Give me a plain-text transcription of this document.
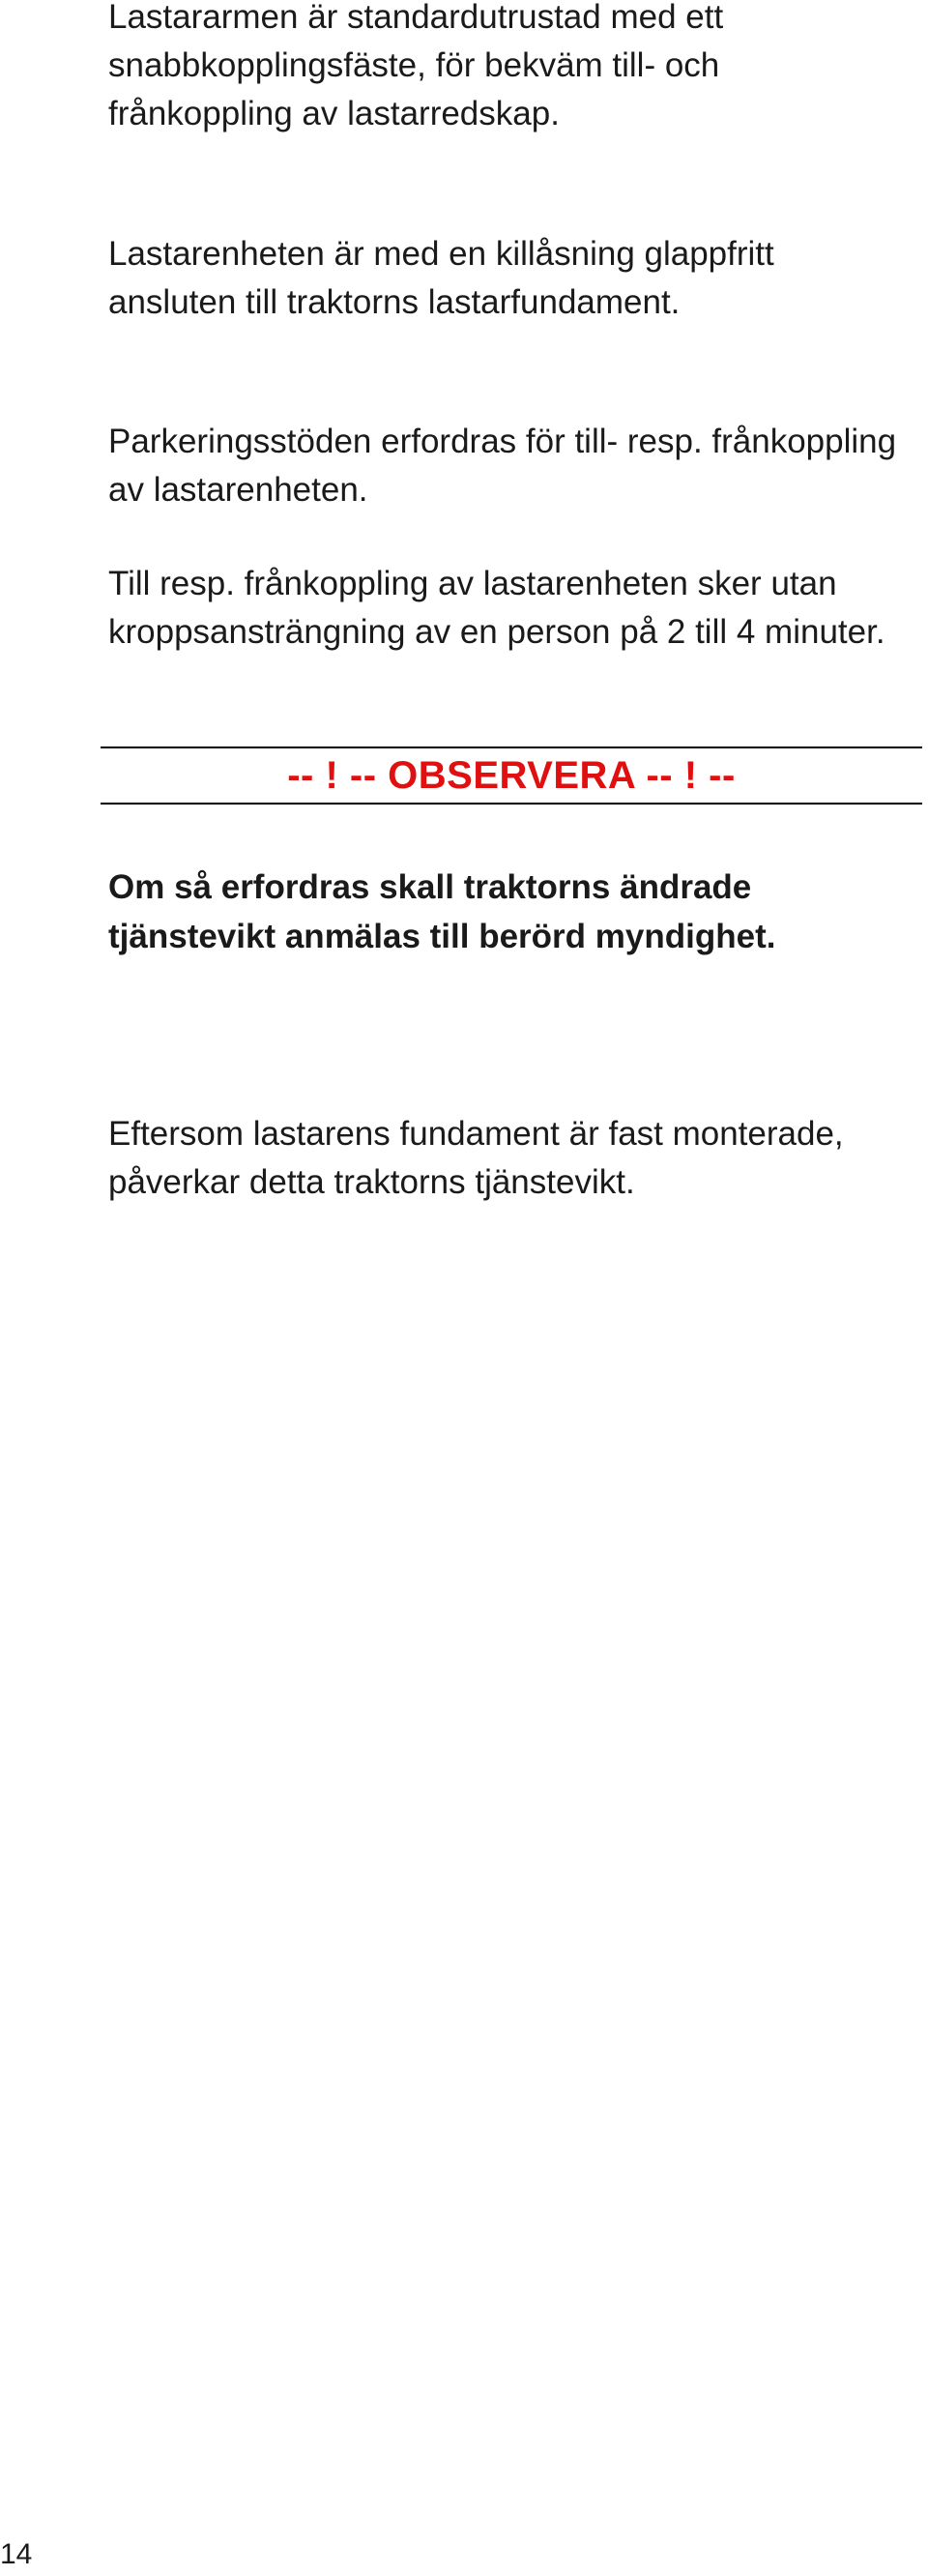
Lastararmen är standardutrustad med ett snabbkopplingsfäste, för bekväm till- och frånkoppling av lastarredskap.

Lastarenheten är med en killåsning glappfritt ansluten till traktorns lastarfundament.

Parkeringsstöden erfordras för till- resp. frånkoppling av lastarenheten.

Till resp. frånkoppling av lastarenheten sker utan kroppsansträngning av en person på 2 till 4 minuter.

-- ! -- OBSERVERA -- ! --

Om så erfordras skall traktorns ändrade tjänstevikt anmälas till berörd myndighet.

Eftersom lastarens fundament är fast monterade, påverkar detta traktorns tjänstevikt.

14
